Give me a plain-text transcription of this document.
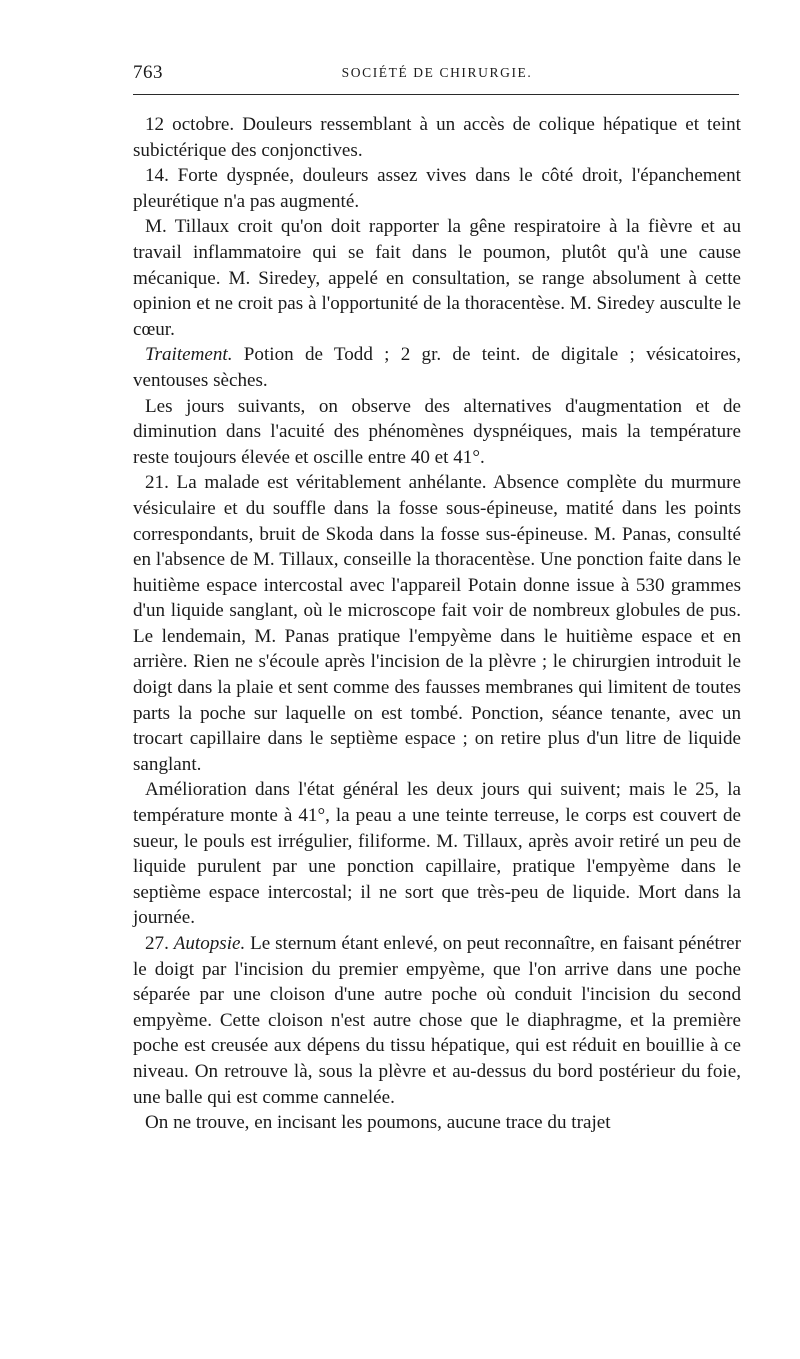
763	SOCIÉTÉ DE CHIRURGIE.

12 octobre. Douleurs ressemblant à un accès de colique hépatique et teint subictérique des conjonctives.

14. Forte dyspnée, douleurs assez vives dans le côté droit, l'épanchement pleurétique n'a pas augmenté.

M. Tillaux croit qu'on doit rapporter la gêne respiratoire à la fièvre et au travail inflammatoire qui se fait dans le poumon, plutôt qu'à une cause mécanique. M. Siredey, appelé en consultation, se range absolument à cette opinion et ne croit pas à l'opportunité de la thoracentèse. M. Siredey ausculte le cœur.

Traitement. Potion de Todd ; 2 gr. de teint. de digitale ; vésicatoires, ventouses sèches.

Les jours suivants, on observe des alternatives d'augmentation et de diminution dans l'acuité des phénomènes dyspnéiques, mais la température reste toujours élevée et oscille entre 40 et 41°.

21. La malade est véritablement anhélante. Absence complète du murmure vésiculaire et du souffle dans la fosse sous-épineuse, matité dans les points correspondants, bruit de Skoda dans la fosse sus-épineuse. M. Panas, consulté en l'absence de M. Tillaux, conseille la thoracentèse. Une ponction faite dans le huitième espace intercostal avec l'appareil Potain donne issue à 530 grammes d'un liquide sanglant, où le microscope fait voir de nombreux globules de pus. Le lendemain, M. Panas pratique l'empyème dans le huitième espace et en arrière. Rien ne s'écoule après l'incision de la plèvre ; le chirurgien introduit le doigt dans la plaie et sent comme des fausses membranes qui limitent de toutes parts la poche sur laquelle on est tombé. Ponction, séance tenante, avec un trocart capillaire dans le septième espace ; on retire plus d'un litre de liquide sanglant.

Amélioration dans l'état général les deux jours qui suivent; mais le 25, la température monte à 41°, la peau a une teinte terreuse, le corps est couvert de sueur, le pouls est irrégulier, filiforme. M. Tillaux, après avoir retiré un peu de liquide purulent par une ponction capillaire, pratique l'empyème dans le septième espace intercostal; il ne sort que très-peu de liquide. Mort dans la journée.

27. Autopsie. Le sternum étant enlevé, on peut reconnaître, en faisant pénétrer le doigt par l'incision du premier empyème, que l'on arrive dans une poche séparée par une cloison d'une autre poche où conduit l'incision du second empyème. Cette cloison n'est autre chose que le diaphragme, et la première poche est creusée aux dépens du tissu hépatique, qui est réduit en bouillie à ce niveau. On retrouve là, sous la plèvre et au-dessus du bord postérieur du foie, une balle qui est comme cannelée.

On ne trouve, en incisant les poumons, aucune trace du trajet
